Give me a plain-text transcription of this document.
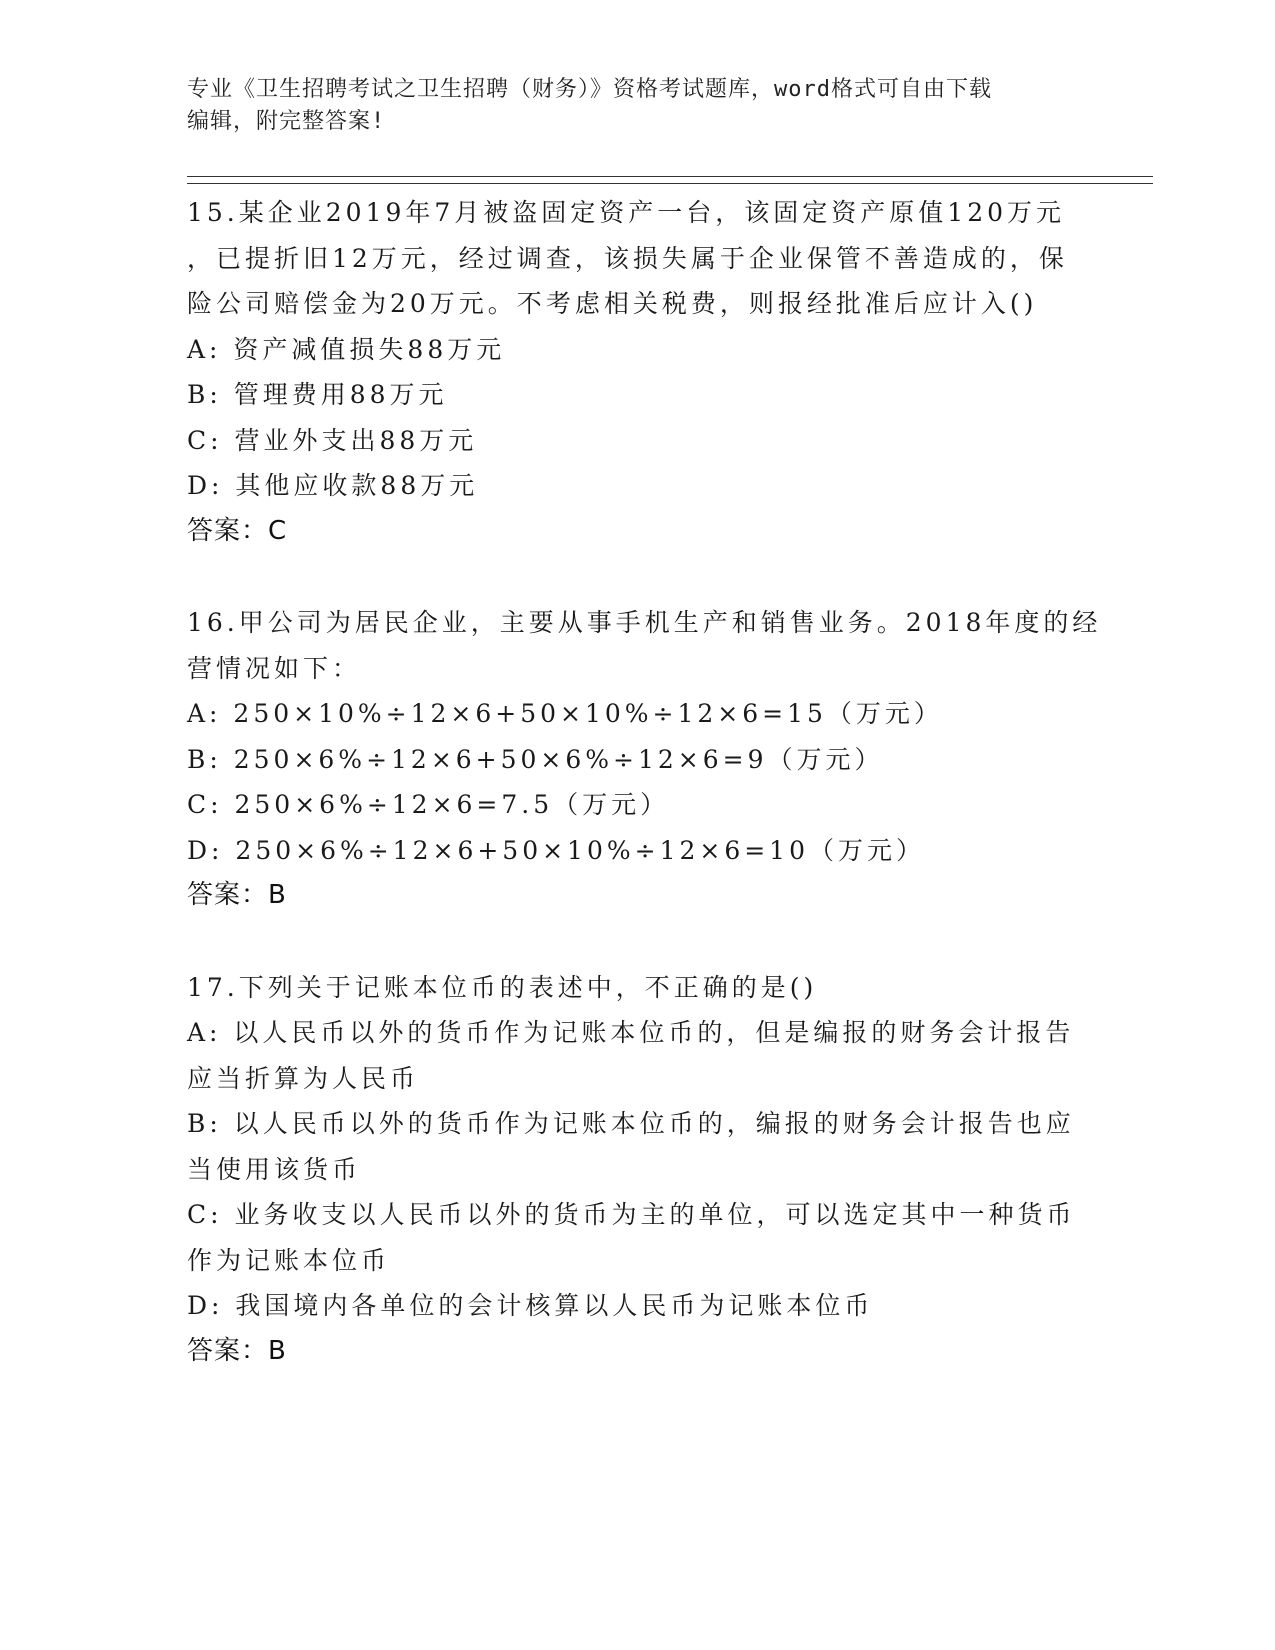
专业《卫生招聘考试之卫生招聘（财务）》资格考试题库，word格式可自由下载
编辑，附完整答案!
15.某企业2019年7月被盗固定资产一台，该固定资产原值120万元
，已提折旧12万元，经过调查，该损失属于企业保管不善造成的，保
险公司赔偿金为20万元。不考虑相关税费，则报经批准后应计入()
A: 资产减值损失88万元
B: 管理费用88万元
C: 营业外支出88万元
D: 其他应收款88万元
答案：C
16.甲公司为居民企业，主要从事手机生产和销售业务。2018年度的经
营情况如下：
A: 250×10%÷12×6+50×10%÷12×6=15（万元）
B: 250×6%÷12×6+50×6%÷12×6=9（万元）
C: 250×6%÷12×6=7.5（万元）
D: 250×6%÷12×6+50×10%÷12×6=10（万元）
答案：B
17.下列关于记账本位币的表述中，不正确的是()
A: 以人民币以外的货币作为记账本位币的，但是编报的财务会计报告
应当折算为人民币
B: 以人民币以外的货币作为记账本位币的，编报的财务会计报告也应
当使用该货币
C: 业务收支以人民币以外的货币为主的单位，可以选定其中一种货币
作为记账本位币
D: 我国境内各单位的会计核算以人民币为记账本位币
答案：B
